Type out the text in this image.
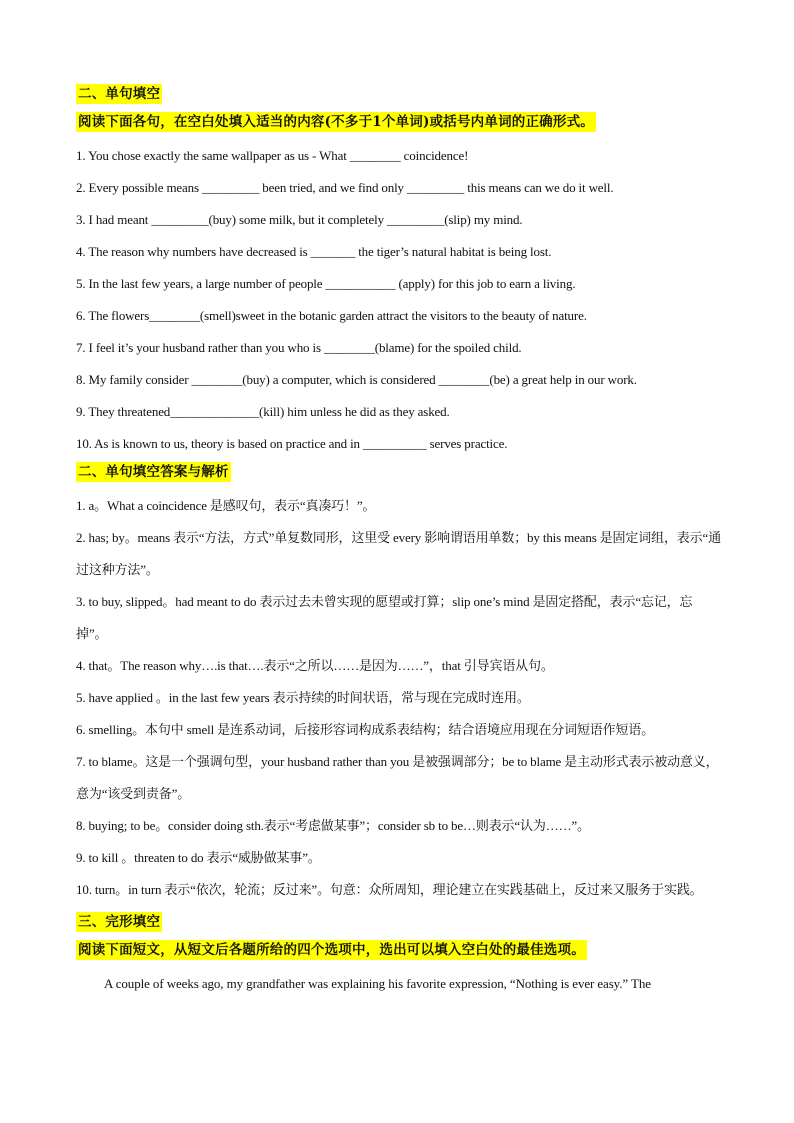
二、单句填空
阅读下面各句，在空白处填入适当的内容(不多于1个单词)或括号内单词的正确形式。
1. You chose exactly the same wallpaper as us - What ________ coincidence!
2. Every possible means _________ been tried, and we find only _________ this means can we do it well.
3. I had meant _________(buy) some milk, but it completely _________(slip) my mind.
4. The reason why numbers have decreased is _______ the tiger’s natural habitat is being lost.
5. In the last few years, a large number of people ___________ (apply) for this job to earn a living.
6. The flowers________(smell)sweet in the botanic garden attract the visitors to the beauty of nature.
7. I feel it’s your husband rather than you who is ________(blame) for the spoiled child.
8. My family consider ________(buy) a computer, which is considered ________(be) a great help in our work.
9. They threatened______________(kill) him unless he did as they asked.
10. As is known to us, theory is based on practice and in __________ serves practice.
二、单句填空答案与解析
1. a。What a coincidence 是感叹句，表示“真凑巧！”。
2. has; by。means 表示“方法，方式”单复数同形，这里受 every 影响谓语用单数；by this means 是固定词组，表示“通过这种方法”。
3. to buy, slipped。had meant to do 表示过去未曾实现的愿望或打算；slip one’s mind 是固定搭配，表示“忘记，忘掉”。
4. that。The reason why….is that….表示“之所以……是因为……”，that 引导宾语从句。
5. have applied 。in the last few years 表示持续的时间状语，常与现在完成时连用。
6. smelling。本句中 smell 是连系动词，后接形容词构成系表结构；结合语境应用现在分词短语作短语。
7. to blame。这是一个强调句型，your husband rather than you 是被强调部分；be to blame 是主动形式表示被动意义，意为“该受到责备”。
8. buying; to be。consider doing sth.表示“考虑做某事”；consider sb to be…则表示“认为……”。
9. to kill 。threaten to do 表示“威胁做某事”。
10. turn。in turn 表示“依次，轮流；反过来”。句意：众所周知，理论建立在实践基础上，反过来又服务于实践。
三、完形填空
阅读下面短文，从短文后各题所给的四个选项中，选出可以填入空白处的最佳选项。
A couple of weeks ago, my grandfather was explaining his favorite expression, “Nothing is ever easy.” The
